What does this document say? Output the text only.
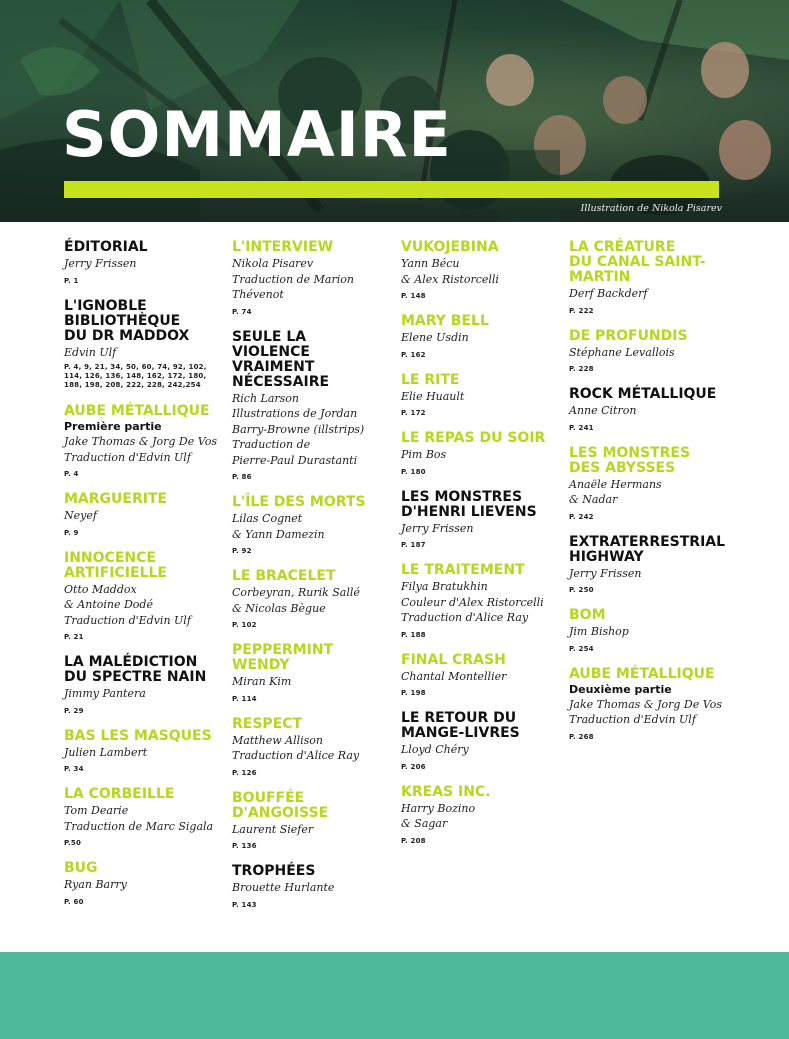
SOMMAIRE
Illustration de Nikola Pisarev
ÉDITORIAL
Jerry Frissen
P. 1
L'IGNOBLE
BIBLIOTHÈQUE
DU DR MADDOX
Edvin Ulf
P. 4, 9, 21, 34, 50, 60, 74, 92, 102, 114, 126, 136, 148, 162, 172, 180, 188, 198, 208, 222, 228, 242,254
AUBE MÉTALLIQUE
Première partie
Jake Thomas & Jorg De Vos
Traduction d'Edvin Ulf
P. 4
MARGUERITE
Neyef
P. 9
INNOCENCE
ARTIFICIELLE
Otto Maddox
& Antoine Dodé
Traduction d'Edvin Ulf
P. 21
LA MALÉDICTION
DU SPECTRE NAIN
Jimmy Pantera
P. 29
BAS LES MASQUES
Julien Lambert
P. 34
LA CORBEILLE
Tom Dearie
Traduction de Marc Sigala
P.50
BUG
Ryan Barry
P. 60
L'INTERVIEW
Nikola Pisarev
Traduction de Marion
Thévenot
P. 74
SEULE LA
VIOLENCE
VRAIMENT
NÉCESSAIRE
Rich Larson
Illustrations de Jordan
Barry-Browne (illstrips)
Traduction de
Pierre-Paul Durastanti
P. 86
L'ÎLE DES MORTS
Lilas Cognet
& Yann Damezin
P. 92
LE BRACELET
Corbeyran, Rurik Sallé
& Nicolas Bègue
P. 102
PEPPERMINT
WENDY
Miran Kim
P. 114
RESPECT
Matthew Allison
Traduction d'Alice Ray
P. 126
BOUFFÉE
D'ANGOISSE
Laurent Siefer
P. 136
TROPHÉES
Brouette Hurlante
P. 143
VUKOJEBINA
Yann Bécu
& Alex Ristorcelli
P. 148
MARY BELL
Elene Usdin
P. 162
LE RITE
Elie Huault
P. 172
LE REPAS DU SOIR
Pim Bos
P. 180
LES MONSTRES
D'HENRI LIEVENS
Jerry Frissen
P. 187
LE TRAITEMENT
Filya Bratukhin
Couleur d'Alex Ristorcelli
Traduction d'Alice Ray
P. 188
FINAL CRASH
Chantal Montellier
P. 198
LE RETOUR DU
MANGE-LIVRES
Lloyd Chéry
P. 206
KREAS INC.
Harry Bozino
& Sagar
P. 208
LA CRÉATURE
DU CANAL SAINT-
MARTIN
Derf Backderf
P. 222
DE PROFUNDIS
Stéphane Levallois
P. 228
ROCK MÉTALLIQUE
Anne Citron
P. 241
LES MONSTRES
DES ABYSSES
Anaële Hermans
& Nadar
P. 242
EXTRATERRESTRIAL
HIGHWAY
Jerry Frissen
P. 250
BOM
Jim Bishop
P. 254
AUBE MÉTALLIQUE
Deuxième partie
Jake Thomas & Jorg De Vos
Traduction d'Edvin Ulf
P. 268
